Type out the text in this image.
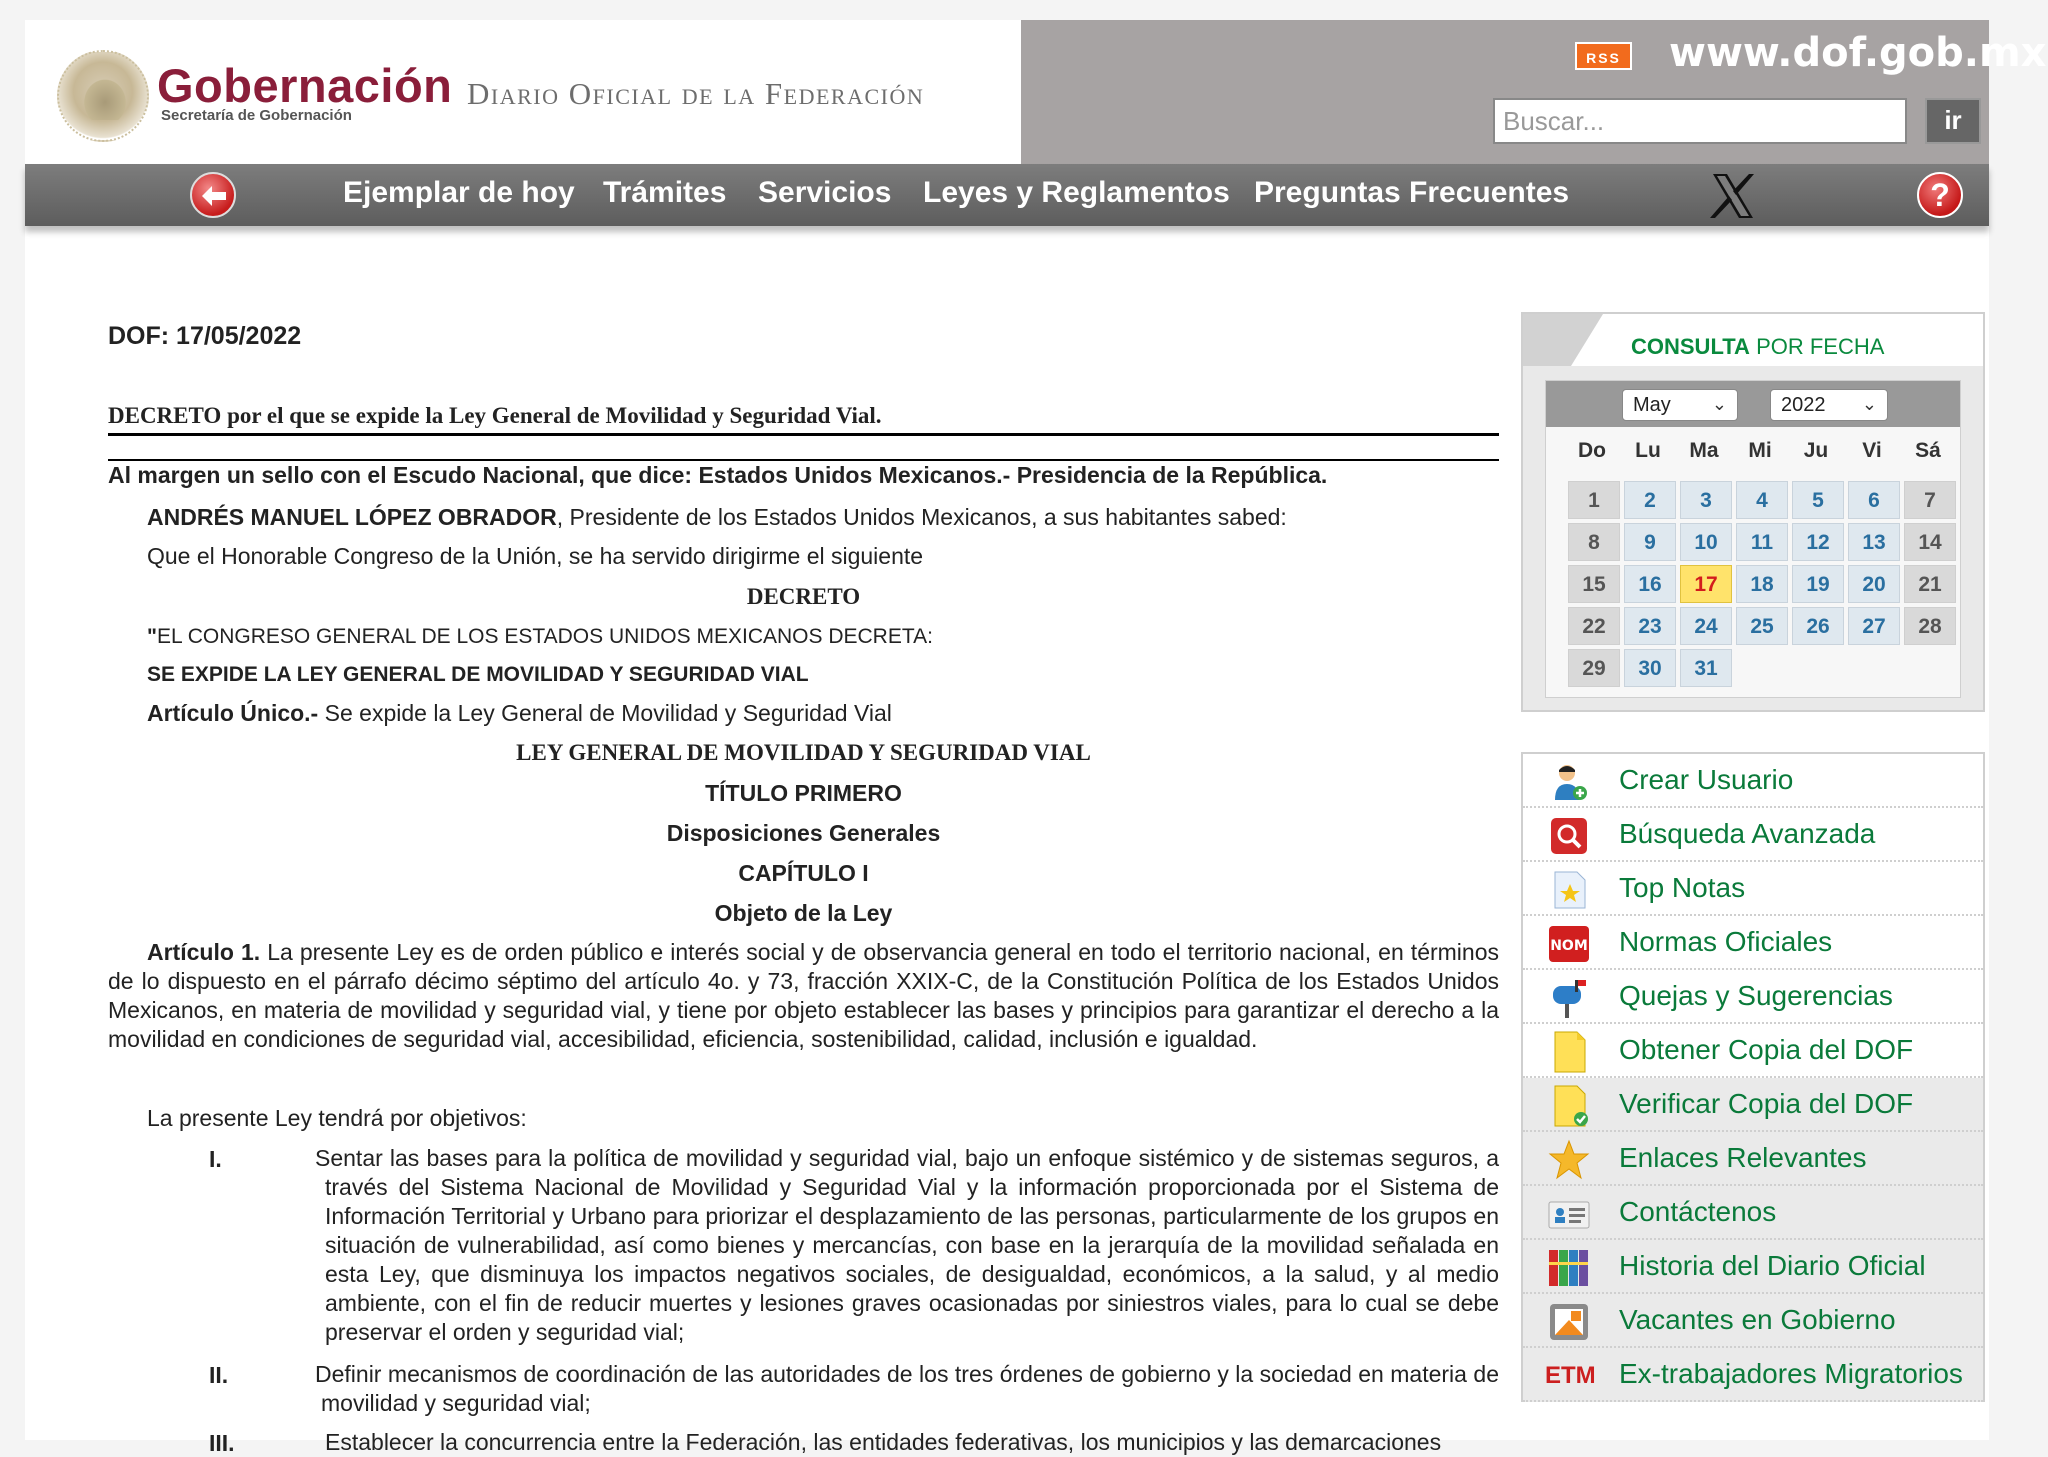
Gobernación
Secretaría de Gobernación
Diario Oficial de la Federación
RSS www.dof.gob.mx
Buscar...
ir
Ejemplar de hoy Trámites Servicios Leyes y Reglamentos Preguntas Frecuentes	?
DOF: 17/05/2022
DECRETO por el que se expide la Ley General de Movilidad y Seguridad Vial.
Al margen un sello con el Escudo Nacional, que dice: Estados Unidos Mexicanos.- Presidencia de la República.
ANDRÉS MANUEL LÓPEZ OBRADOR, Presidente de los Estados Unidos Mexicanos, a sus habitantes sabed:
Que el Honorable Congreso de la Unión, se ha servido dirigirme el siguiente
DECRETO
"EL CONGRESO GENERAL DE LOS ESTADOS UNIDOS MEXICANOS DECRETA:
SE EXPIDE LA LEY GENERAL DE MOVILIDAD Y SEGURIDAD VIAL
Artículo Único.- Se expide la Ley General de Movilidad y Seguridad Vial
LEY GENERAL DE MOVILIDAD Y SEGURIDAD VIAL
TÍTULO PRIMERO
Disposiciones Generales
CAPÍTULO I
Objeto de la Ley
Artículo 1. La presente Ley es de orden público e interés social y de observancia general en todo el territorio nacional, en términos de lo dispuesto en el párrafo décimo séptimo del artículo 4o. y 73, fracción XXIX-C, de la Constitución Política de los Estados Unidos Mexicanos, en materia de movilidad y seguridad vial, y tiene por objeto establecer las bases y principios para garantizar el derecho a la movilidad en condiciones de seguridad vial, accesibilidad, eficiencia, sostenibilidad, calidad, inclusión e igualdad.
La presente Ley tendrá por objetivos:
I.	Sentar las bases para la política de movilidad y seguridad vial, bajo un enfoque sistémico y de sistemas seguros, a través del Sistema Nacional de Movilidad y Seguridad Vial y la información proporcionada por el Sistema de Información Territorial y Urbano para priorizar el desplazamiento de las personas, particularmente de los grupos en situación de vulnerabilidad, así como bienes y mercancías, con base en la jerarquía de la movilidad señalada en esta Ley, que disminuya los impactos negativos sociales, de desigualdad, económicos, a la salud, y al medio ambiente, con el fin de reducir muertes y lesiones graves ocasionadas por siniestros viales, para lo cual se debe preservar el orden y seguridad vial;
II.	Definir mecanismos de coordinación de las autoridades de los tres órdenes de gobierno y la sociedad en materia de movilidad y seguridad vial;
III.	Establecer la concurrencia entre la Federación, las entidades federativas, los municipios y las demarcaciones
CONSULTA POR FECHA
May ⌄	2022 ⌄
Do	Lu	Ma	Mi	Ju	Vi	Sá
1	2	3	4	5	6	7
8	9	10	11	12	13	14
15	16	17	18	19	20	21
22	23	24	25	26	27	28
29	30	31
Crear Usuario
Búsqueda Avanzada
Top Notas
NOM Normas Oficiales
Quejas y Sugerencias
Obtener Copia del DOF
Verificar Copia del DOF
Enlaces Relevantes
Contáctenos
Historia del Diario Oficial
Vacantes en Gobierno
ETM Ex-trabajadores Migratorios
